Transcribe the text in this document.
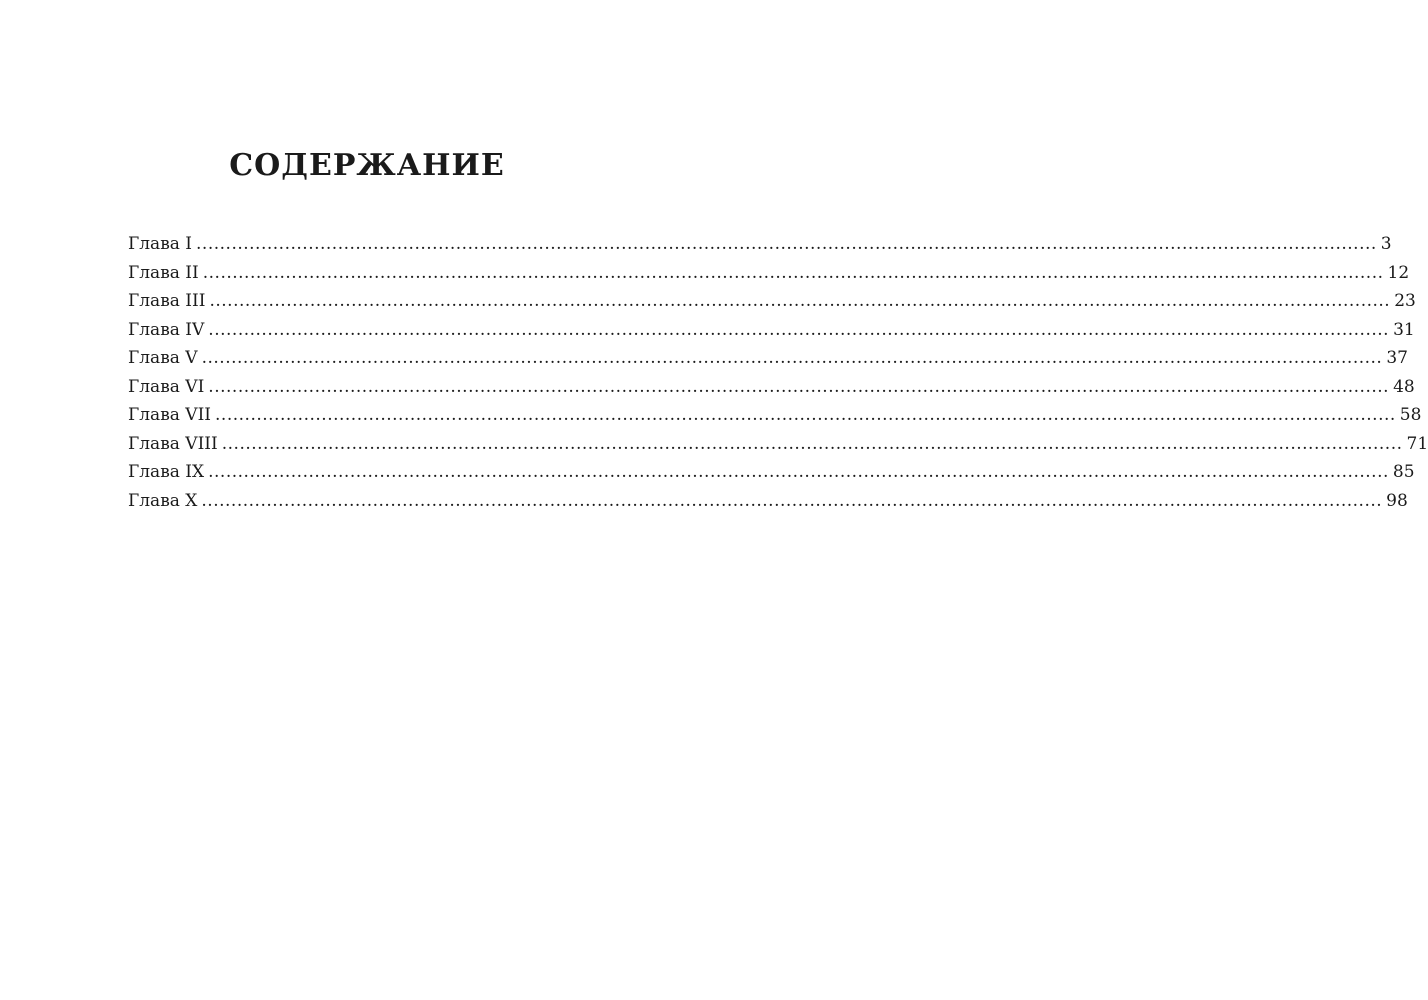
СОДЕРЖАНИЕ
Глава I ........................................................................................................................................................................................................ 3
Глава II ........................................................................................................................................................................................................ 12
Глава III ........................................................................................................................................................................................................ 23
Глава IV ........................................................................................................................................................................................................ 31
Глава V ........................................................................................................................................................................................................ 37
Глава VI ........................................................................................................................................................................................................ 48
Глава VII ........................................................................................................................................................................................................ 58
Глава VIII ........................................................................................................................................................................................................ 71
Глава IX ........................................................................................................................................................................................................ 85
Глава X ........................................................................................................................................................................................................ 98
